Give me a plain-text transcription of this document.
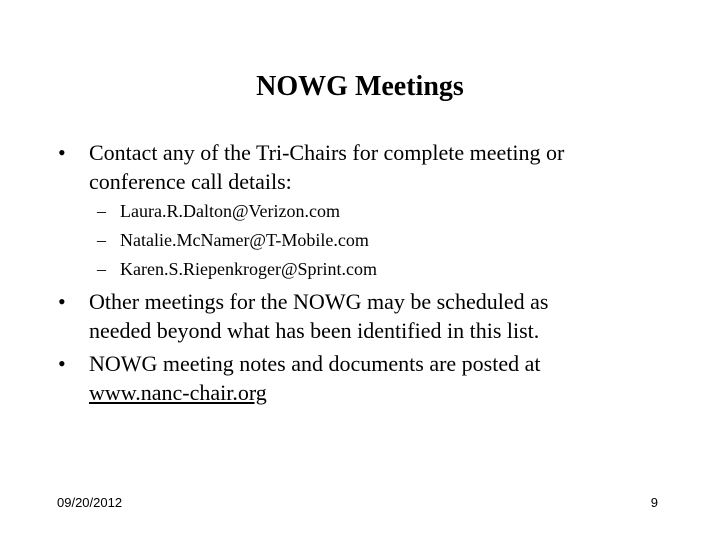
NOWG Meetings
• Contact any of the Tri-Chairs for complete meeting or
conference call details:
– Laura.R.Dalton@Verizon.com
– Natalie.McNamer@T-Mobile.com
– Karen.S.Riepenkroger@Sprint.com
• Other meetings for the NOWG may be scheduled as
needed beyond what has been identified in this list.
• NOWG meeting notes and documents are posted at
www.nanc-chair.org
09/20/2012	9
